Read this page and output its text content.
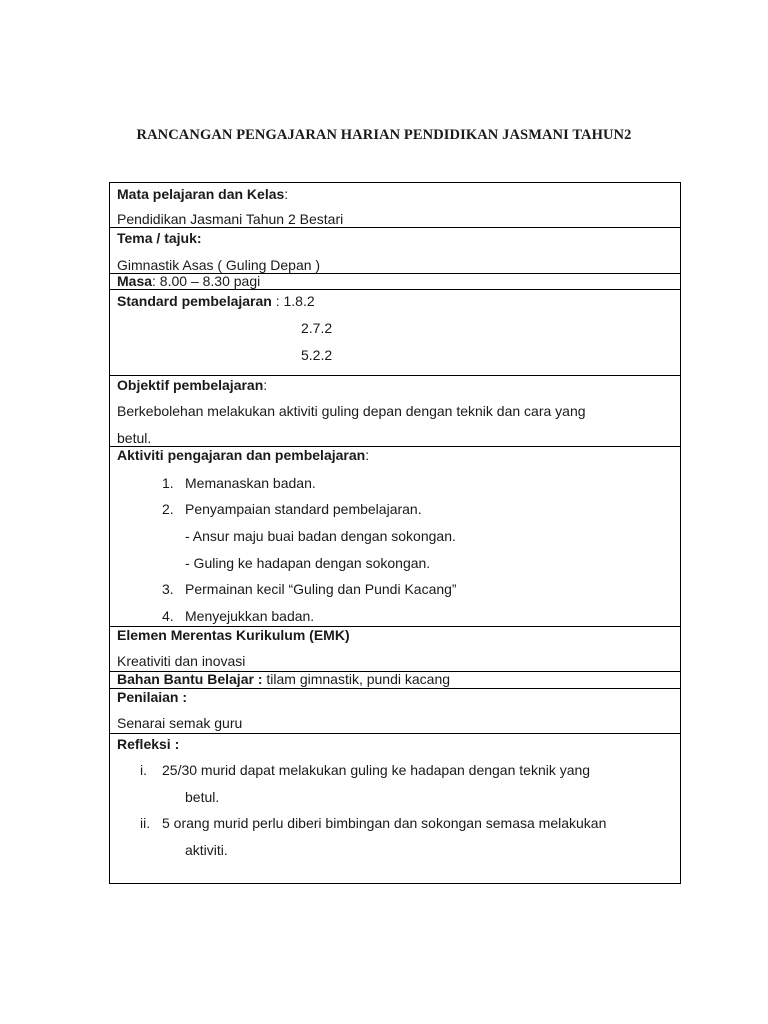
RANCANGAN PENGAJARAN HARIAN PENDIDIKAN JASMANI TAHUN2
Mata pelajaran dan Kelas:
Pendidikan Jasmani Tahun 2 Bestari
Tema / tajuk:
Gimnastik Asas ( Guling Depan )
Masa: 8.00 – 8.30 pagi
Standard pembelajaran : 1.8.2
2.7.2
5.2.2
Objektif pembelajaran:
Berkebolehan melakukan aktiviti guling depan dengan teknik dan cara yang
betul.
Aktiviti pengajaran dan pembelajaran:
1. Memanaskan badan.
2. Penyampaian standard pembelajaran.
- Ansur maju buai badan dengan sokongan.
- Guling ke hadapan dengan sokongan.
3. Permainan kecil “Guling dan Pundi Kacang”
4. Menyejukkan badan.
Elemen Merentas Kurikulum (EMK)
Kreativiti dan inovasi
Bahan Bantu Belajar : tilam gimnastik, pundi kacang
Penilaian :
Senarai semak guru
Refleksi :
i. 25/30 murid dapat melakukan guling ke hadapan dengan teknik yang
betul.
ii. 5 orang murid perlu diberi bimbingan dan sokongan semasa melakukan
aktiviti.
